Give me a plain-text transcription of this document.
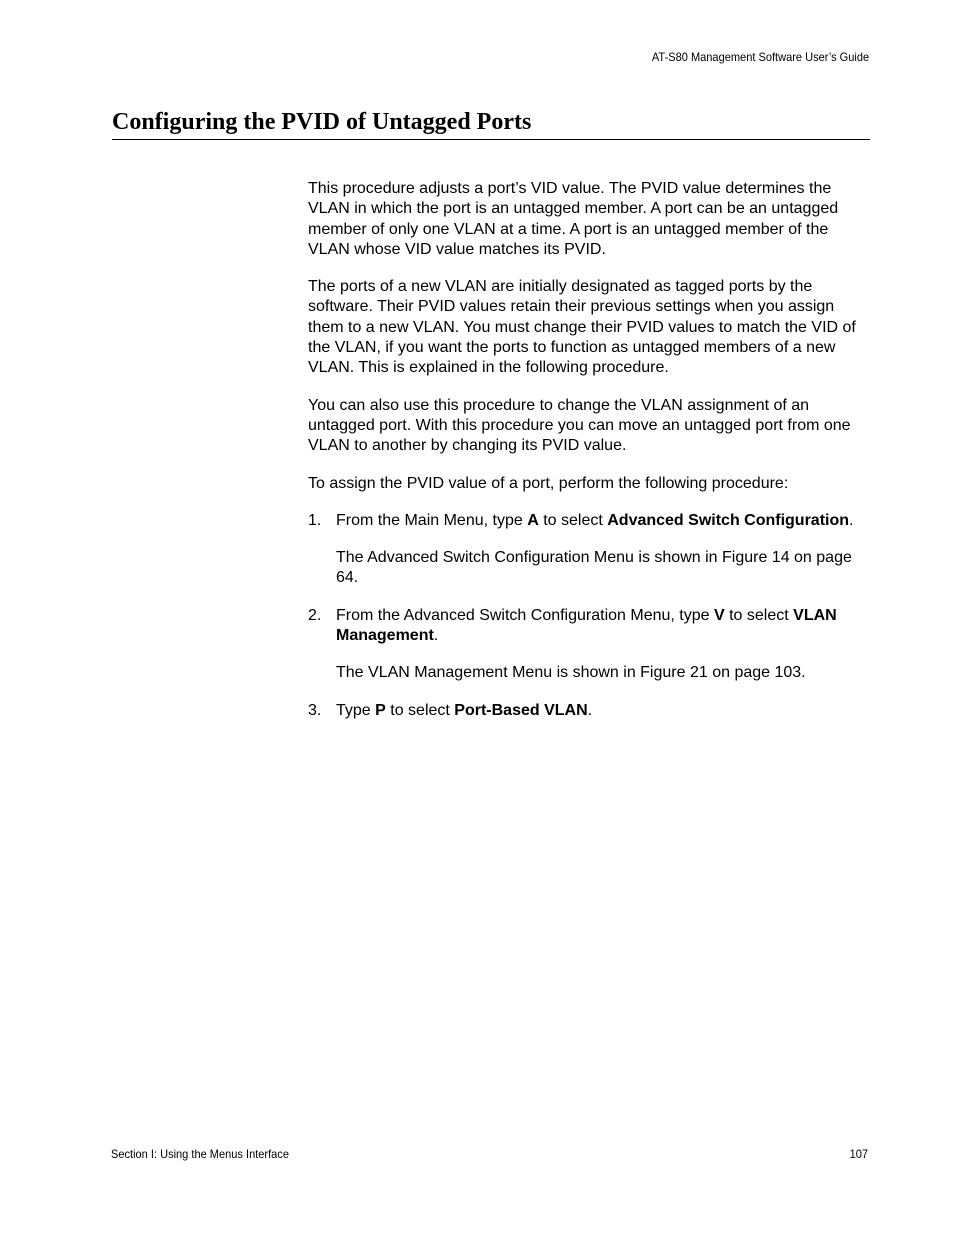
AT-S80 Management Software User’s Guide
Configuring the PVID of Untagged Ports

This procedure adjusts a port’s VID value. The PVID value determines the VLAN in which the port is an untagged member. A port can be an untagged member of only one VLAN at a time. A port is an untagged member of the VLAN whose VID value matches its PVID.

The ports of a new VLAN are initially designated as tagged ports by the software. Their PVID values retain their previous settings when you assign them to a new VLAN. You must change their PVID values to match the VID of the VLAN, if you want the ports to function as untagged members of a new VLAN. This is explained in the following procedure.

You can also use this procedure to change the VLAN assignment of an untagged port. With this procedure you can move an untagged port from one VLAN to another by changing its PVID value.

To assign the PVID value of a port, perform the following procedure:

1. From the Main Menu, type A to select Advanced Switch Configuration.

The Advanced Switch Configuration Menu is shown in Figure 14 on page 64.

2. From the Advanced Switch Configuration Menu, type V to select VLAN Management.

The VLAN Management Menu is shown in Figure 21 on page 103.

3. Type P to select Port-Based VLAN.

Section I: Using the Menus Interface	107
